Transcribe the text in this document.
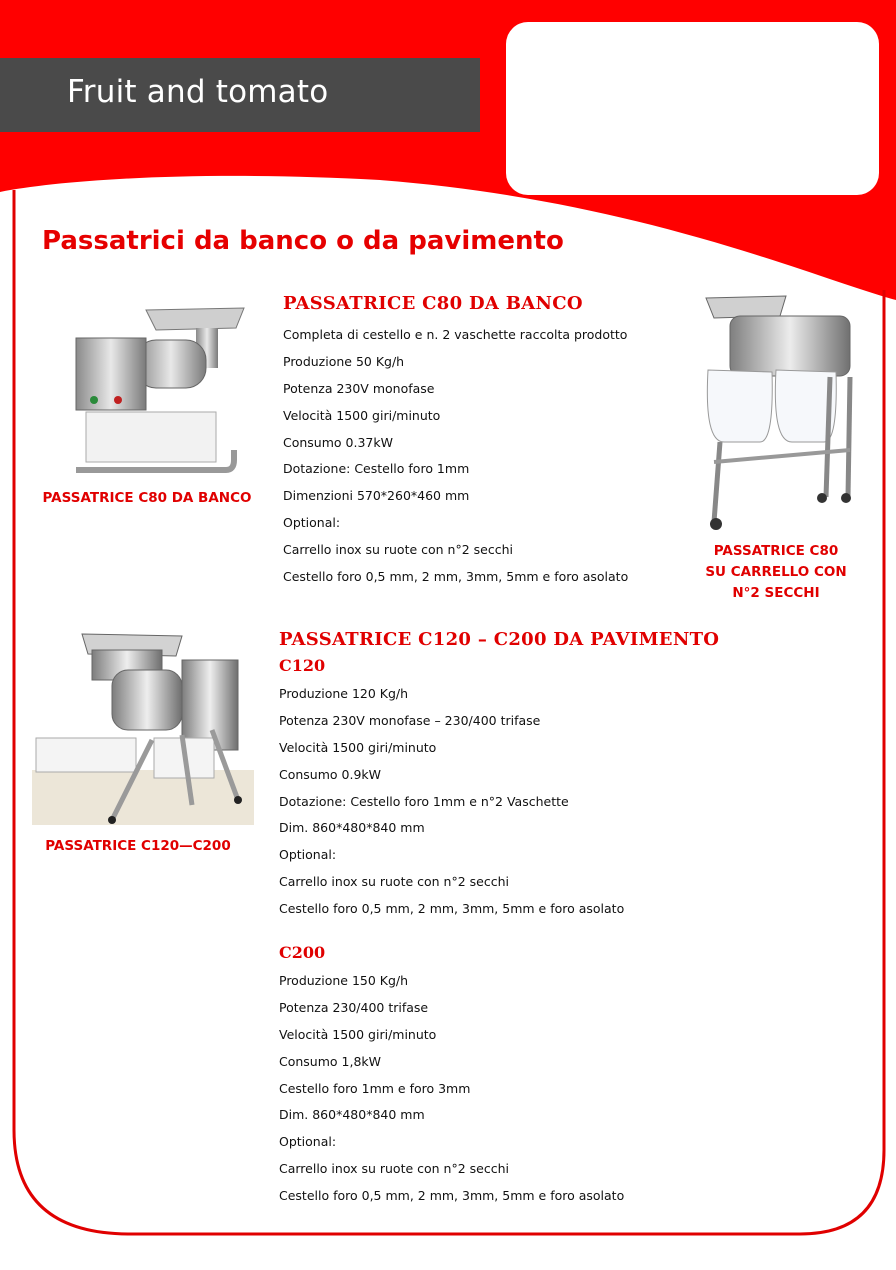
Fruit and tomato
Passatrici da banco o da pavimento
PASSATRICE C80 DA BANCO
PASSATRICE C80 DA BANCO
Completa di cestello e n. 2 vaschette raccolta prodotto
Produzione 50 Kg/h
Potenza 230V monofase
Velocità 1500 giri/minuto
Consumo 0.37kW
Dotazione: Cestello foro 1mm
Dimenzioni 570*260*460 mm
Optional:
Carrello inox su ruote con n°2 secchi
Cestello foro 0,5 mm, 2 mm, 3mm, 5mm e foro asolato
PASSATRICE C80
SU CARRELLO CON
N°2 SECCHI
PASSATRICE C120—C200
PASSATRICE C120 – C200 DA PAVIMENTO
C120
Produzione 120 Kg/h
Potenza 230V monofase – 230/400 trifase
Velocità 1500 giri/minuto
Consumo 0.9kW
Dotazione: Cestello foro 1mm e n°2 Vaschette
Dim. 860*480*840 mm
Optional:
Carrello inox su ruote con n°2 secchi
Cestello foro 0,5 mm, 2 mm, 3mm, 5mm e foro asolato
C200
Produzione 150 Kg/h
Potenza 230/400 trifase
Velocità 1500 giri/minuto
Consumo 1,8kW
Cestello foro 1mm e foro 3mm
Dim. 860*480*840 mm
Optional:
Carrello inox su ruote con n°2 secchi
Cestello foro 0,5 mm, 2 mm, 3mm, 5mm e foro asolato
